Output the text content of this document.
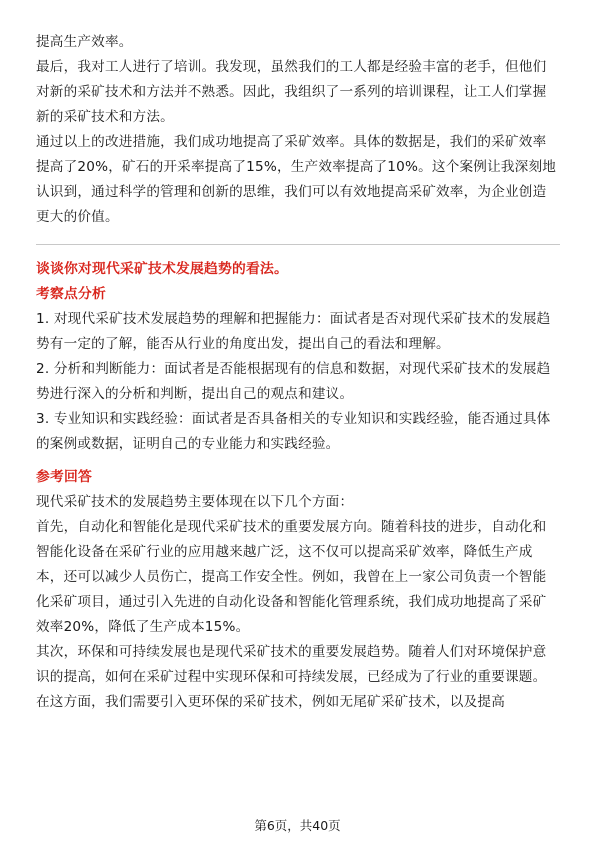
提高生产效率。

最后，我对工人进行了培训。我发现，虽然我们的工人都是经验丰富的老手，但他们对新的采矿技术和方法并不熟悉。因此，我组织了一系列的培训课程，让工人们掌握新的采矿技术和方法。

通过以上的改进措施，我们成功地提高了采矿效率。具体的数据是，我们的采矿效率提高了20%，矿石的开采率提高了15%，生产效率提高了10%。这个案例让我深刻地认识到，通过科学的管理和创新的思维，我们可以有效地提高采矿效率，为企业创造更大的价值。

谈谈你对现代采矿技术发展趋势的看法。

考察点分析

1. 对现代采矿技术发展趋势的理解和把握能力：面试者是否对现代采矿技术的发展趋势有一定的了解，能否从行业的角度出发，提出自己的看法和理解。

2. 分析和判断能力：面试者是否能根据现有的信息和数据，对现代采矿技术的发展趋势进行深入的分析和判断，提出自己的观点和建议。

3. 专业知识和实践经验：面试者是否具备相关的专业知识和实践经验，能否通过具体的案例或数据，证明自己的专业能力和实践经验。

参考回答

现代采矿技术的发展趋势主要体现在以下几个方面：

首先，自动化和智能化是现代采矿技术的重要发展方向。随着科技的进步，自动化和智能化设备在采矿行业的应用越来越广泛，这不仅可以提高采矿效率，降低生产成本，还可以减少人员伤亡，提高工作安全性。例如，我曾在上一家公司负责一个智能化采矿项目，通过引入先进的自动化设备和智能化管理系统，我们成功地提高了采矿效率20%，降低了生产成本15%。

其次，环保和可持续发展也是现代采矿技术的重要发展趋势。随着人们对环境保护意识的提高，如何在采矿过程中实现环保和可持续发展，已经成为了行业的重要课题。在这方面，我们需要引入更环保的采矿技术，例如无尾矿采矿技术，以及提高

第6页，共40页
